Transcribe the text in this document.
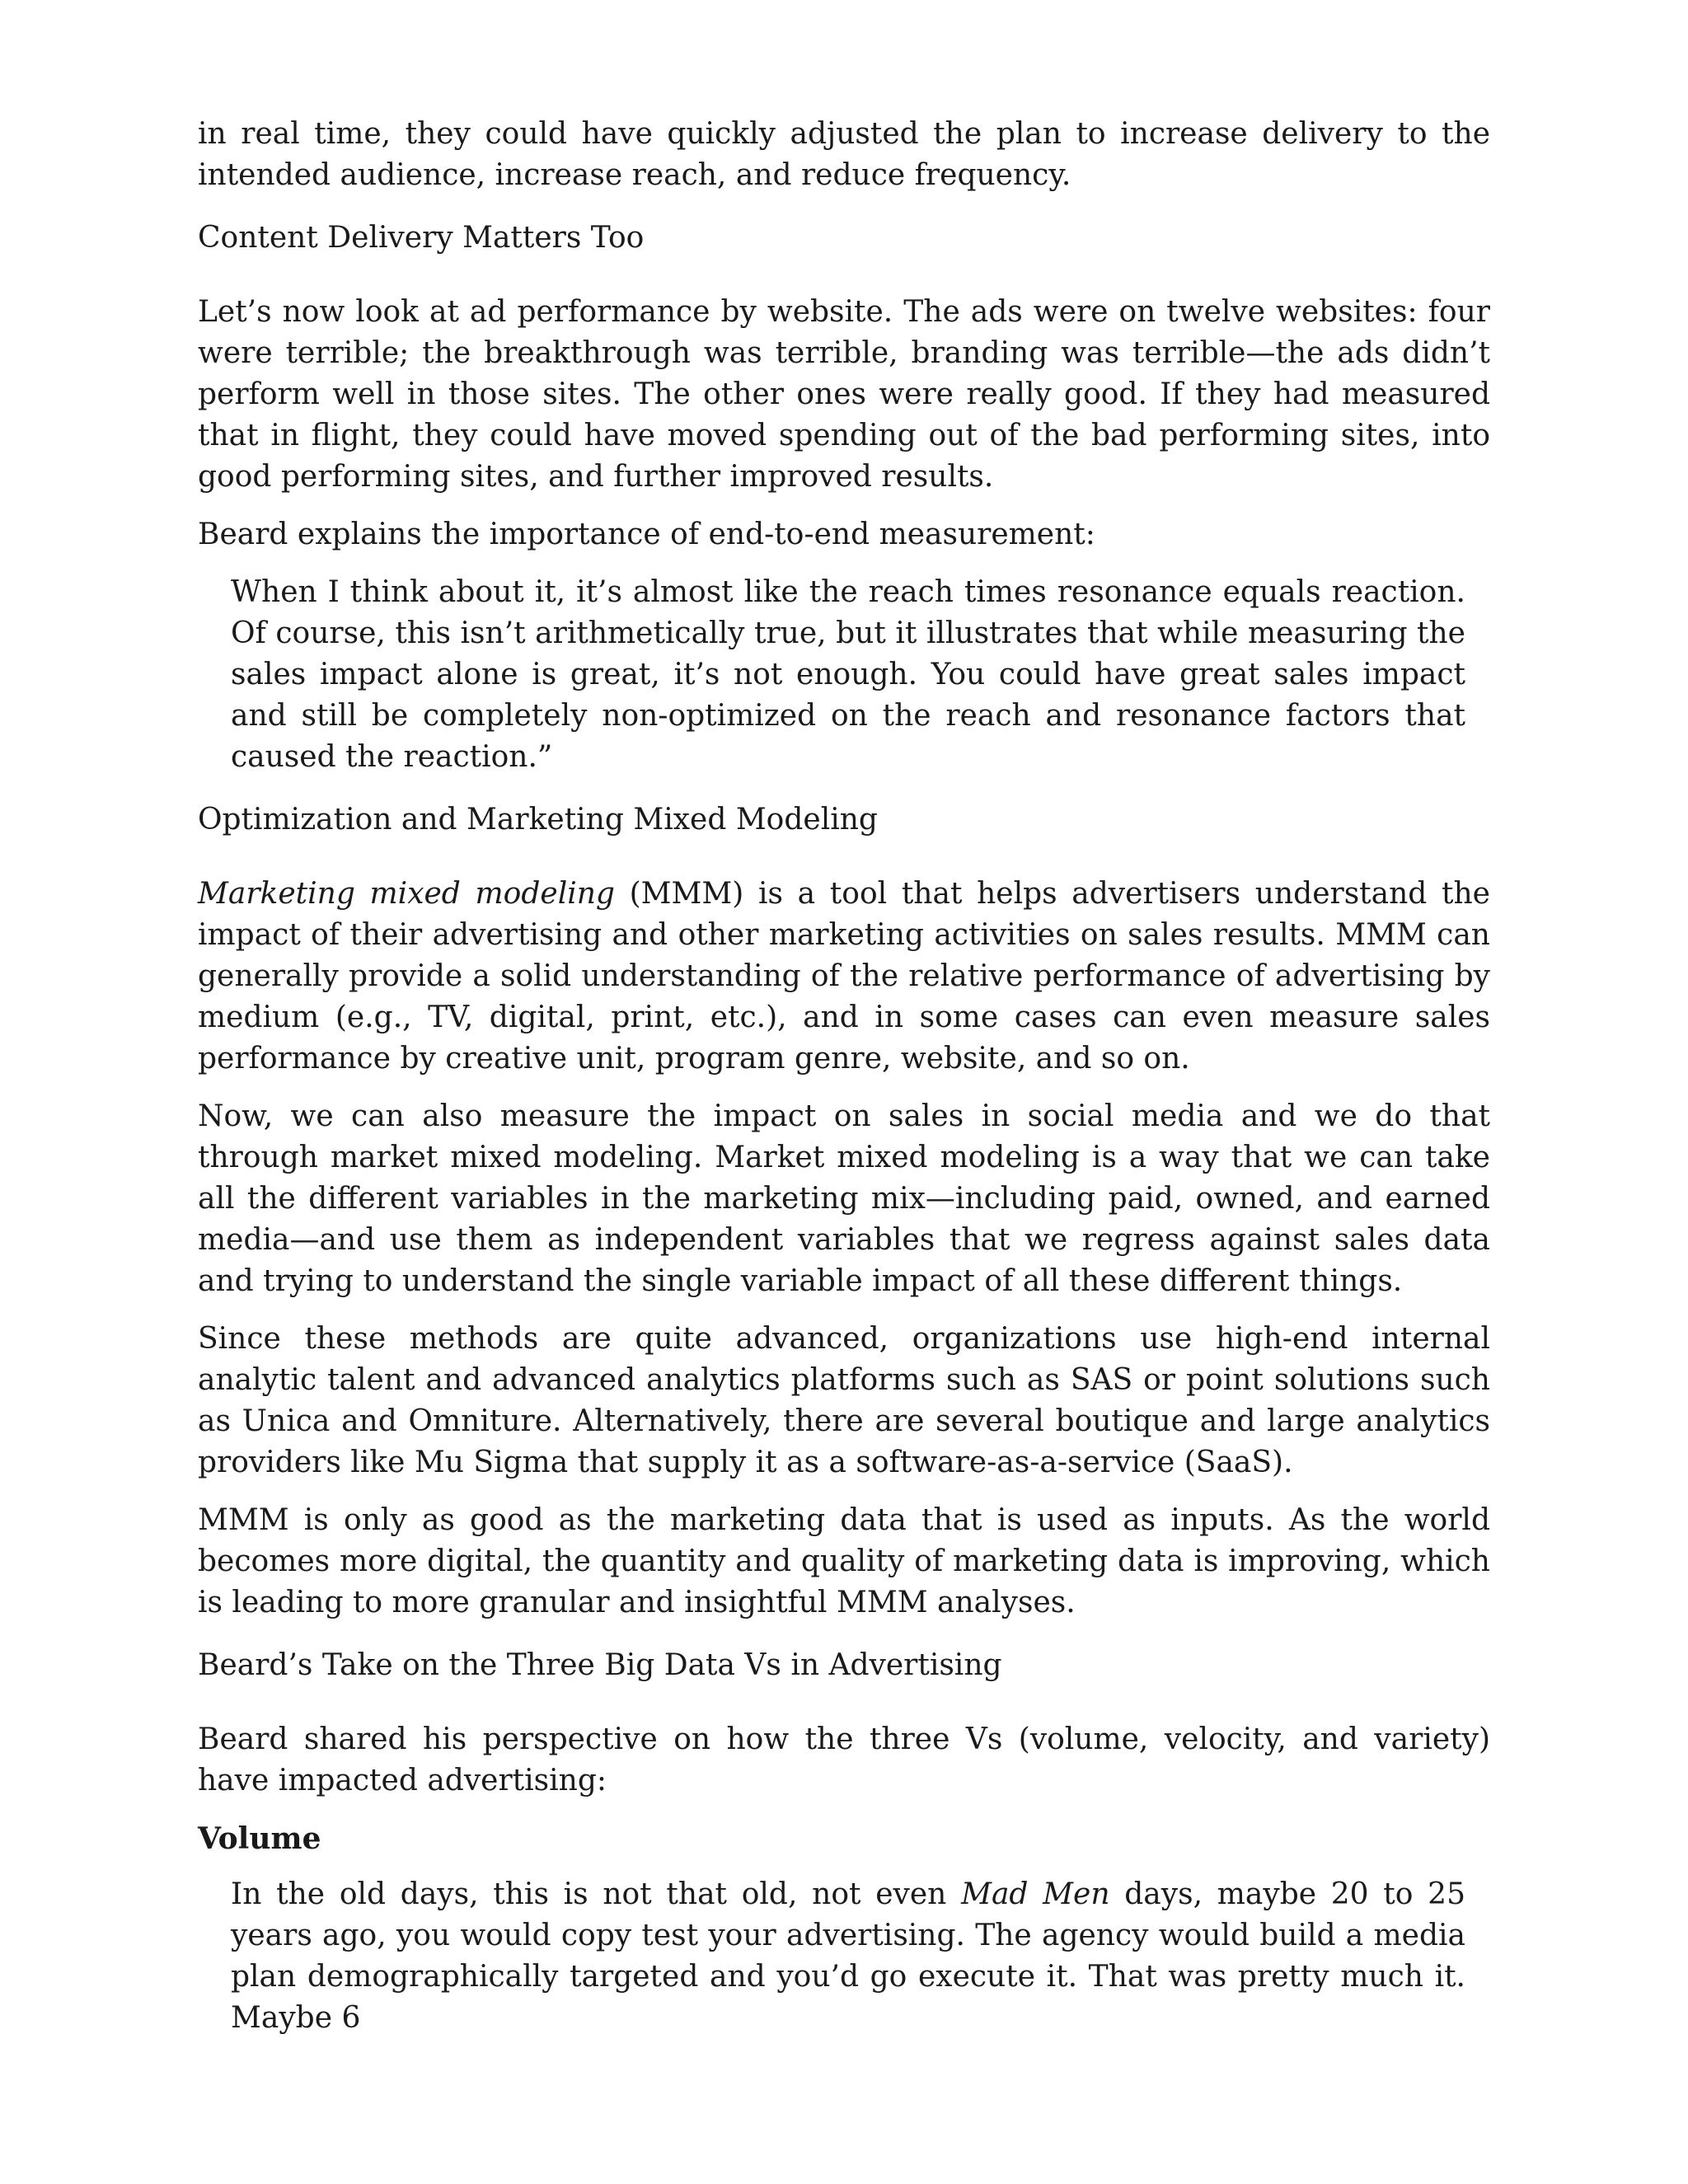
in real time, they could have quickly adjusted the plan to increase delivery to the intended audience, increase reach, and reduce frequency.

Content Delivery Matters Too

Let’s now look at ad performance by website. The ads were on twelve websites: four were terrible; the breakthrough was terrible, branding was terrible—the ads didn’t perform well in those sites. The other ones were really good. If they had measured that in flight, they could have moved spending out of the bad performing sites, into good performing sites, and further improved results.

Beard explains the importance of end-to-end measurement:

When I think about it, it’s almost like the reach times resonance equals reaction. Of course, this isn’t arithmetically true, but it illustrates that while measuring the sales impact alone is great, it’s not enough. You could have great sales impact and still be completely non-optimized on the reach and resonance factors that caused the reaction.”

Optimization and Marketing Mixed Modeling

Marketing mixed modeling (MMM) is a tool that helps advertisers understand the impact of their advertising and other marketing activities on sales results. MMM can generally provide a solid understanding of the relative performance of advertising by medium (e.g., TV, digital, print, etc.), and in some cases can even measure sales performance by creative unit, program genre, website, and so on.

Now, we can also measure the impact on sales in social media and we do that through market mixed modeling. Market mixed modeling is a way that we can take all the different variables in the marketing mix—including paid, owned, and earned media—and use them as independent variables that we regress against sales data and trying to understand the single variable impact of all these different things.

Since these methods are quite advanced, organizations use high-end internal analytic talent and advanced analytics platforms such as SAS or point solutions such as Unica and Omniture. Alternatively, there are several boutique and large analytics providers like Mu Sigma that supply it as a software-as-a-service (SaaS).

MMM is only as good as the marketing data that is used as inputs. As the world becomes more digital, the quantity and quality of marketing data is improving, which is leading to more granular and insightful MMM analyses.

Beard’s Take on the Three Big Data Vs in Advertising

Beard shared his perspective on how the three Vs (volume, velocity, and variety) have impacted advertising:

Volume

In the old days, this is not that old, not even Mad Men days, maybe 20 to 25 years ago, you would copy test your advertising. The agency would build a media plan demographically targeted and you’d go execute it. That was pretty much it. Maybe 6
